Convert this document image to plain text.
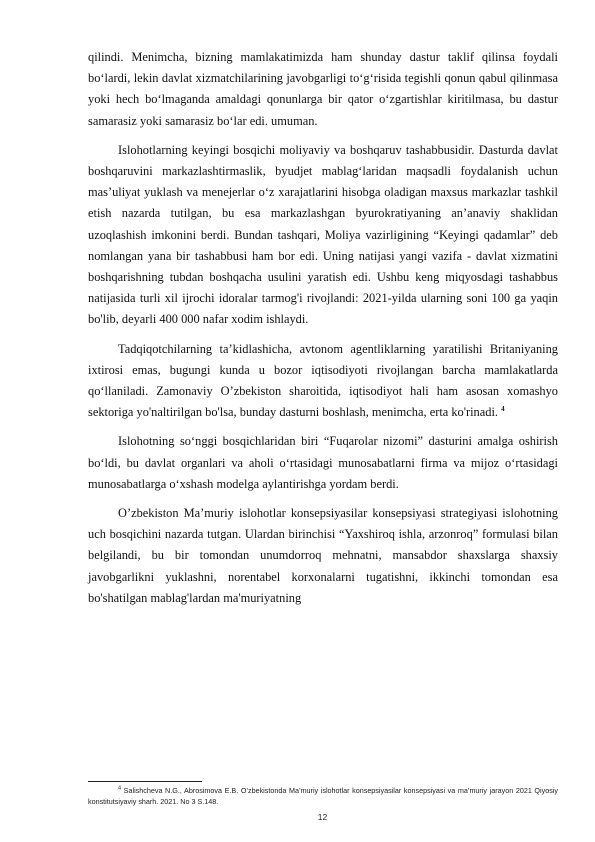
qilindi. Menimcha, bizning mamlakatimizda ham shunday dastur taklif qilinsa foydali bo‘lardi, lekin davlat xizmatchilarining javobgarligi to‘g‘risida tegishli qonun qabul qilinmasa yoki hech bo‘lmaganda amaldagi qonunlarga bir qator o‘zgartishlar kiritilmasa, bu dastur samarasiz yoki samarasiz bo‘lar edi. umuman.

Islohotlarning keyingi bosqichi moliyaviy va boshqaruv tashabbusidir. Dasturda davlat boshqaruvini markazlashtirmaslik, byudjet mablag‘laridan maqsadli foydalanish uchun mas’uliyat yuklash va menejerlar o‘z xarajatlarini hisobga oladigan maxsus markazlar tashkil etish nazarda tutilgan, bu esa markazlashgan byurokratiyaning an’anaviy shaklidan uzoqlashish imkonini berdi. Bundan tashqari, Moliya vazirligining “Keyingi qadamlar” deb nomlangan yana bir tashabbusi ham bor edi. Uning natijasi yangi vazifa - davlat xizmatini boshqarishning tubdan boshqacha usulini yaratish edi. Ushbu keng miqyosdagi tashabbus natijasida turli xil ijrochi idoralar tarmog'i rivojlandi: 2021-yilda ularning soni 100 ga yaqin bo'lib, deyarli 400 000 nafar xodim ishlaydi.

Tadqiqotchilarning ta’kidlashicha, avtonom agentliklarning yaratilishi Britaniyaning ixtirosi emas, bugungi kunda u bozor iqtisodiyoti rivojlangan barcha mamlakatlarda qo‘llaniladi. Zamonaviy O’zbekiston sharoitida, iqtisodiyot hali ham asosan xomashyo sektoriga yo'naltirilgan bo'lsa, bunday dasturni boshlash, menimcha, erta ko'rinadi. $^4$

Islohotning so‘nggi bosqichlaridan biri “Fuqarolar nizomi” dasturini amalga oshirish bo‘ldi, bu davlat organlari va aholi o‘rtasidagi munosabatlarni firma va mijoz o‘rtasidagi munosabatlarga o‘xshash modelga aylantirishga yordam berdi.

O’zbekiston Ma’muriy islohotlar konsepsiyasilar konsepsiyasi strategiyasi islohotning uch bosqichini nazarda tutgan. Ulardan birinchisi “Yaxshiroq ishla, arzonroq” formulasi bilan belgilandi, bu bir tomondan unumdorroq mehnatni, mansabdor shaxslarga shaxsiy javobgarlikni yuklashni, norentabel korxonalarni tugatishni, ikkinchi tomondan esa bo'shatilgan mablag'lardan ma'muriyatning

$^4$ Salishcheva N.G., Abrosimova E.B. O’zbekistonda Ma’muriy islohotlar konsepsiyasilar konsepsiyasi va ma’muriy jarayon 2021 Qiyosiy konstitutsiyaviy sharh. 2021. No 3 S.148.
12
